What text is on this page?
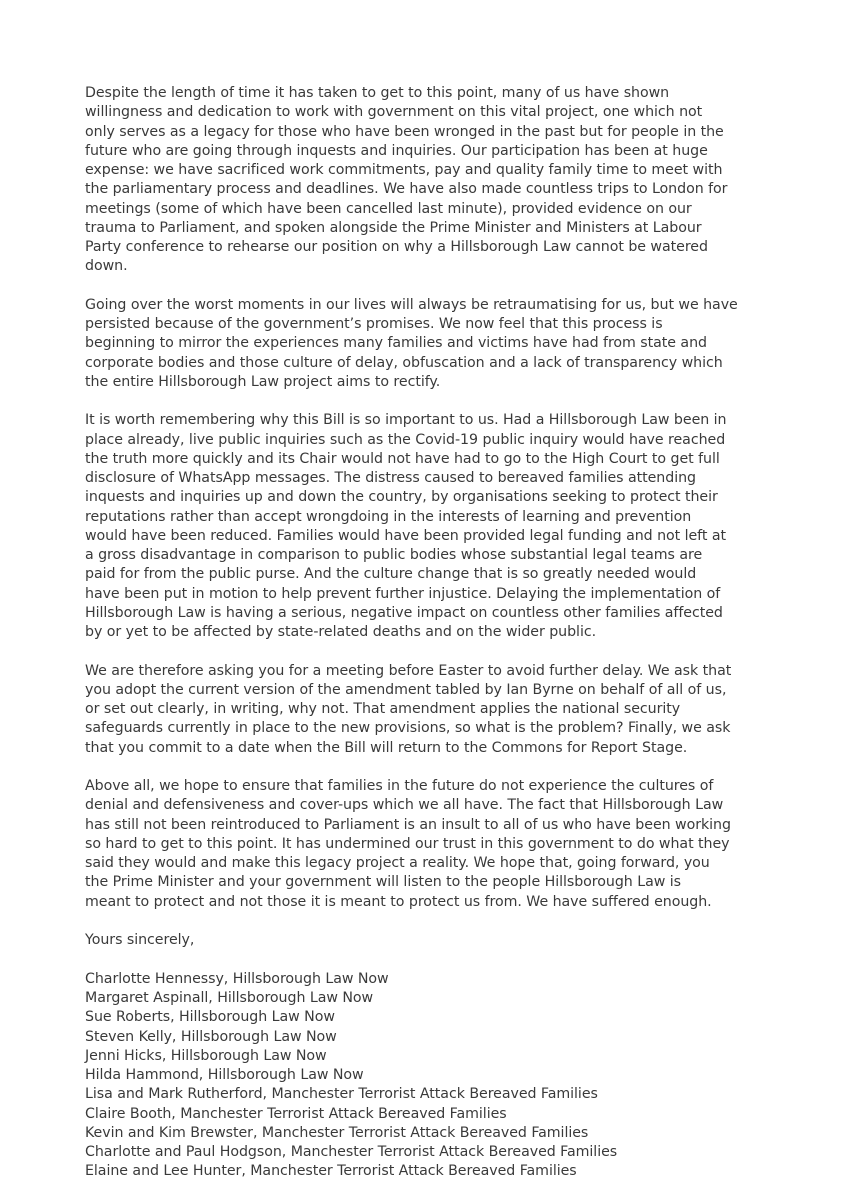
Despite the length of time it has taken to get to this point, many of us have shown
willingness and dedication to work with government on this vital project, one which not
only serves as a legacy for those who have been wronged in the past but for people in the
future who are going through inquests and inquiries. Our participation has been at huge
expense: we have sacrificed work commitments, pay and quality family time to meet with
the parliamentary process and deadlines. We have also made countless trips to London for
meetings (some of which have been cancelled last minute), provided evidence on our
trauma to Parliament, and spoken alongside the Prime Minister and Ministers at Labour
Party conference to rehearse our position on why a Hillsborough Law cannot be watered
down.

Going over the worst moments in our lives will always be retraumatising for us, but we have
persisted because of the government’s promises. We now feel that this process is
beginning to mirror the experiences many families and victims have had from state and
corporate bodies and those culture of delay, obfuscation and a lack of transparency which
the entire Hillsborough Law project aims to rectify.

It is worth remembering why this Bill is so important to us. Had a Hillsborough Law been in
place already, live public inquiries such as the Covid-19 public inquiry would have reached
the truth more quickly and its Chair would not have had to go to the High Court to get full
disclosure of WhatsApp messages. The distress caused to bereaved families attending
inquests and inquiries up and down the country, by organisations seeking to protect their
reputations rather than accept wrongdoing in the interests of learning and prevention
would have been reduced. Families would have been provided legal funding and not left at
a gross disadvantage in comparison to public bodies whose substantial legal teams are
paid for from the public purse. And the culture change that is so greatly needed would
have been put in motion to help prevent further injustice. Delaying the implementation of
Hillsborough Law is having a serious, negative impact on countless other families affected
by or yet to be affected by state-related deaths and on the wider public.

We are therefore asking you for a meeting before Easter to avoid further delay. We ask that
you adopt the current version of the amendment tabled by Ian Byrne on behalf of all of us,
or set out clearly, in writing, why not. That amendment applies the national security
safeguards currently in place to the new provisions, so what is the problem? Finally, we ask
that you commit to a date when the Bill will return to the Commons for Report Stage.

Above all, we hope to ensure that families in the future do not experience the cultures of
denial and defensiveness and cover-ups which we all have. The fact that Hillsborough Law
has still not been reintroduced to Parliament is an insult to all of us who have been working
so hard to get to this point. It has undermined our trust in this government to do what they
said they would and make this legacy project a reality. We hope that, going forward, you
the Prime Minister and your government will listen to the people Hillsborough Law is
meant to protect and not those it is meant to protect us from. We have suffered enough.

Yours sincerely,

Charlotte Hennessy, Hillsborough Law Now
Margaret Aspinall, Hillsborough Law Now
Sue Roberts, Hillsborough Law Now
Steven Kelly, Hillsborough Law Now
Jenni Hicks, Hillsborough Law Now
Hilda Hammond, Hillsborough Law Now
Lisa and Mark Rutherford, Manchester Terrorist Attack Bereaved Families
Claire Booth, Manchester Terrorist Attack Bereaved Families
Kevin and Kim Brewster, Manchester Terrorist Attack Bereaved Families
Charlotte and Paul Hodgson, Manchester Terrorist Attack Bereaved Families
Elaine and Lee Hunter, Manchester Terrorist Attack Bereaved Families
